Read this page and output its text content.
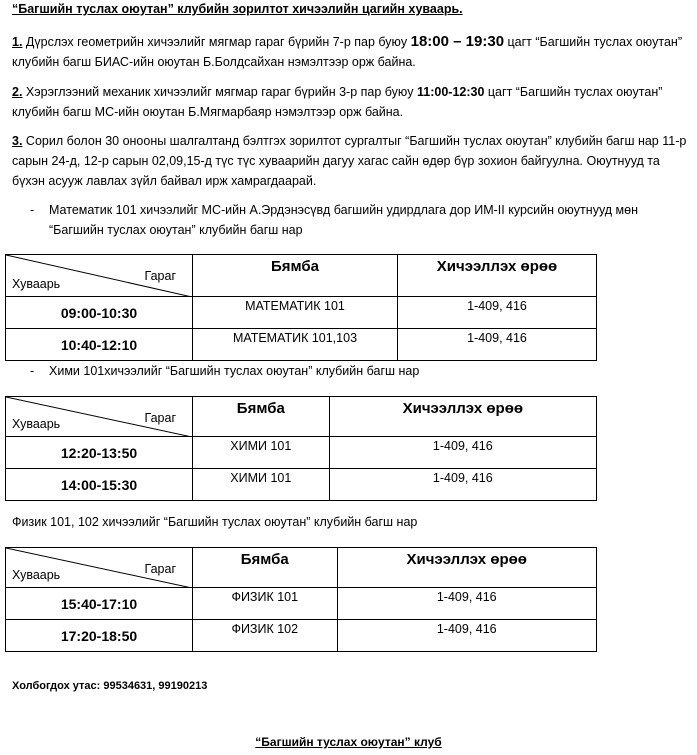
“Багшийн туслах оюутан” клубийн зорилтот хичээлийн цагийн хуваарь.
1. Дүрслэх геометрийн хичээлийг мягмар гараг бүрийн 7-р пар буюу 18:00 – 19:30 цагт “Багшийн туслах оюутан” клубийн багш БИАС-ийн оюутан Б.Болдсайхан нэмэлтээр орж байна.
2. Хэрэглээний механик хичээлийг мягмар гараг бүрийн 3-р пар буюу 11:00-12:30 цагт “Багшийн туслах оюутан” клубийн багш МС-ийн оюутан Б.Мягмарбаяр нэмэлтээр орж байна.
3. Сорил болон 30 онооны шалгалтанд бэлтгэх зорилтот сургалтыг “Багшийн туслах оюутан” клубийн багш нар 11-р сарын 24-д, 12-р сарын 02,09,15-д түс түс хуваарийн дагуу хагас сайн өдөр бүр зохион байгуулна. Оюутнууд та бүхэн асууж лавлах зүйл байвал ирж хамрагдаарай.
- Математик 101 хичээлийг МС-ийн А.Эрдэнэсүвд багшийн удирдлага дор ИМ-II курсийн оюутнууд мөн “Багшийн туслах оюутан” клубийн багш нар
Гараг
Хуваарь	Бямба	Хичээллэх өрөө
09:00-10:30	МАТЕМАТИК 101	1-409, 416
10:40-12:10	МАТЕМАТИК 101,103	1-409, 416
- Хими 101хичээлийг “Багшийн туслах оюутан” клубийн багш нар
Гараг
Хуваарь	Бямба	Хичээллэх өрөө
12:20-13:50	ХИМИ 101	1-409, 416
14:00-15:30	ХИМИ 101	1-409, 416
Физик 101, 102 хичээлийг “Багшийн туслах оюутан” клубийн багш нар
Гараг
Хуваарь	Бямба	Хичээллэх өрөө
15:40-17:10	ФИЗИК 101	1-409, 416
17:20-18:50	ФИЗИК 102	1-409, 416
Холбогдох утас: 99534631, 99190213
“Багшийн туслах оюутан” клуб
